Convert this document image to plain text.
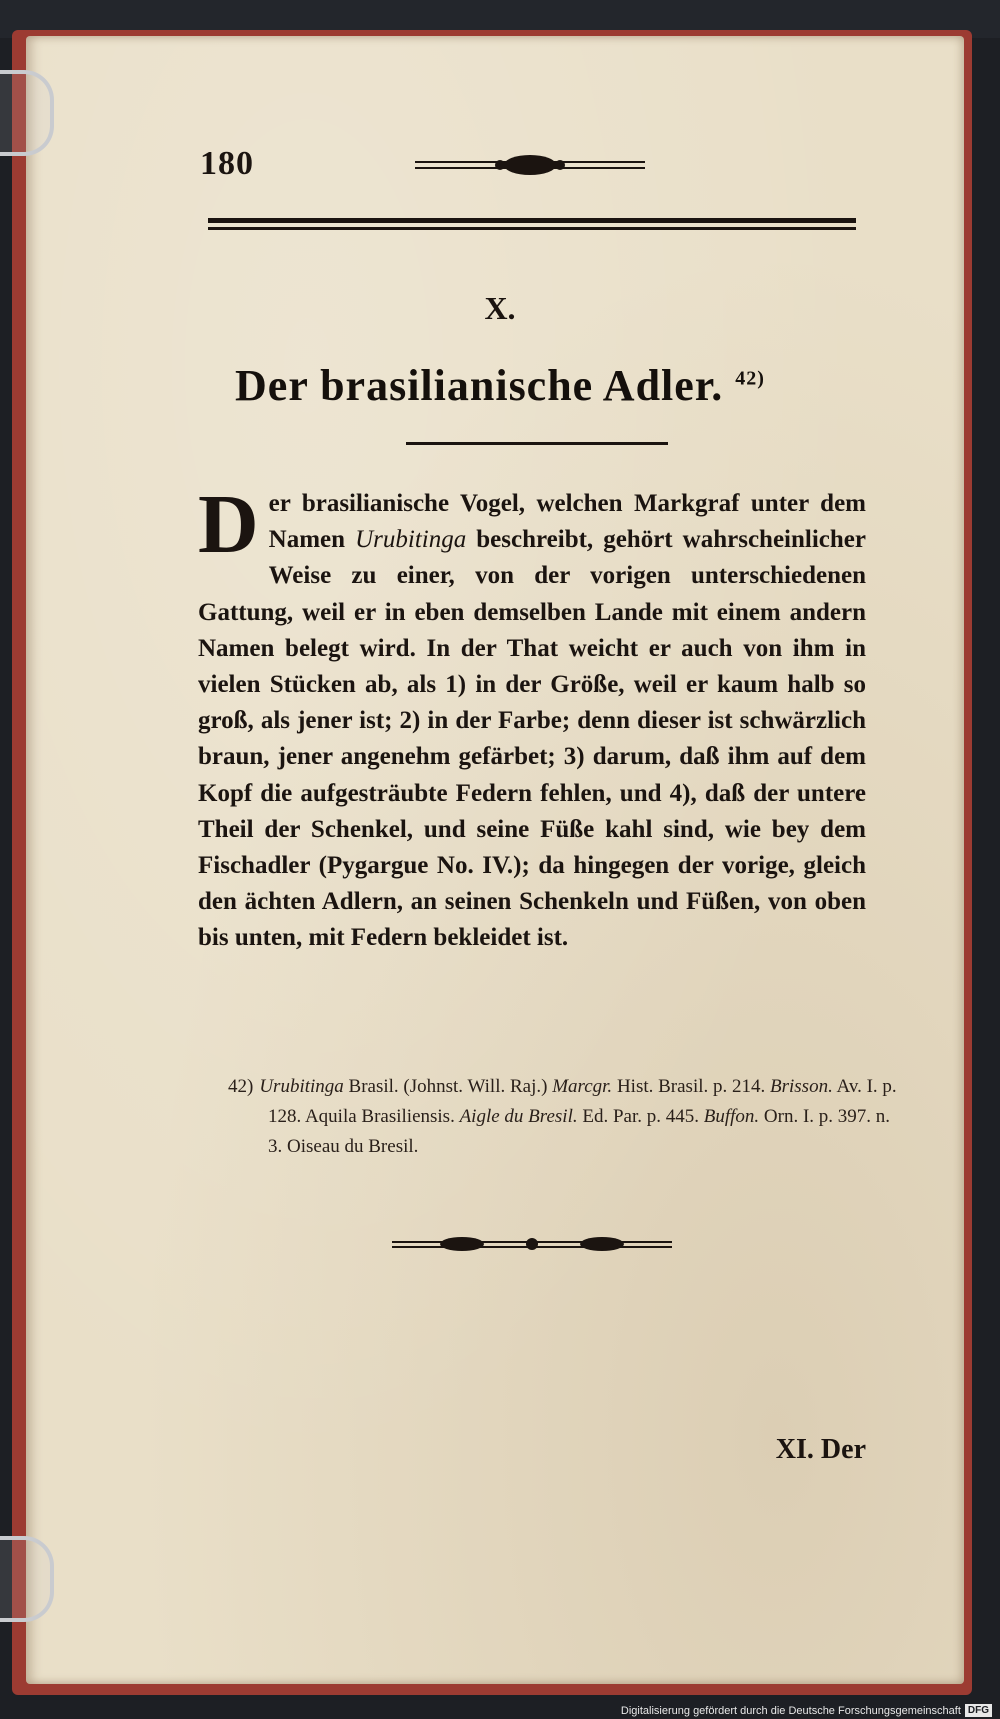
180
X.
Der brasilianische Adler. $^{42)}$
Der brasilianische Vogel, welchen Markgraf unter dem Namen Urubitinga beschreibt, gehört wahrscheinlicher Weise zu einer, von der vorigen unterschiedenen Gattung, weil er in eben demselben Lande mit einem andern Namen belegt wird. In der That weicht er auch von ihm in vielen Stücken ab, als 1) in der Größe, weil er kaum halb so groß, als jener ist; 2) in der Farbe; denn dieser ist schwärzlich braun, jener angenehm gefärbet; 3) darum, daß ihm auf dem Kopf die aufgesträubte Federn fehlen, und 4), daß der untere Theil der Schenkel, und seine Füße kahl sind, wie bey dem Fischadler (Pygargue No. IV.); da hingegen der vorige, gleich den ächten Adlern, an seinen Schenkeln und Füßen, von oben bis unten, mit Federn bekleidet ist.
42) Urubitinga Brasil. (Johnst. Will. Raj.) Marcgr. Hist. Brasil. p. 214. Brisson. Av. I. p. 128. Aquila Brasiliensis. Aigle du Bresil. Ed. Par. p. 445. Buffon. Orn. I. p. 397. n. 3. Oiseau du Bresil.
XI. Der
Digitalisierung gefördert durch die Deutsche Forschungsgemeinschaft DFG
